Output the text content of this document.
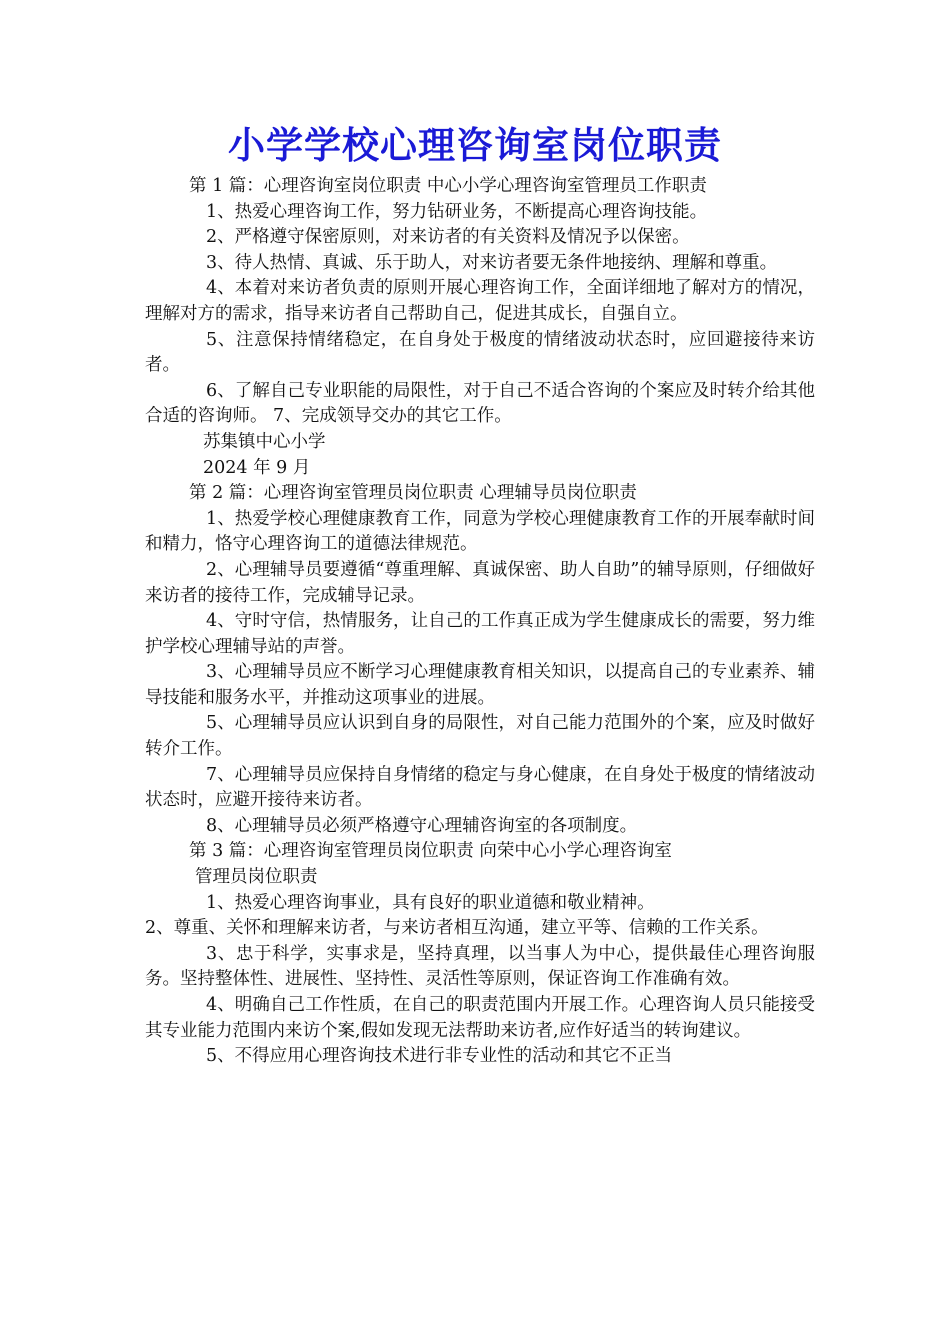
小学学校心理咨询室岗位职责

第 1 篇：心理咨询室岗位职责 中心小学心理咨询室管理员工作职责

1、热爱心理咨询工作，努力钻研业务，不断提高心理咨询技能。

2、严格遵守保密原则，对来访者的有关资料及情况予以保密。

3、待人热情、真诚、乐于助人，对来访者要无条件地接纳、理解和尊重。

4、本着对来访者负责的原则开展心理咨询工作，全面详细地了解对方的情况，理解对方的需求，指导来访者自己帮助自己，促进其成长，自强自立。

5、注意保持情绪稳定，在自身处于极度的情绪波动状态时，应回避接待来访者。

6、了解自己专业职能的局限性，对于自己不适合咨询的个案应及时转介给其他合适的咨询师。 7、完成领导交办的其它工作。

苏集镇中心小学

2024 年 9 月

第 2 篇：心理咨询室管理员岗位职责 心理辅导员岗位职责

1、热爱学校心理健康教育工作，同意为学校心理健康教育工作的开展奉献时间和精力，恪守心理咨询工的道德法律规范。

2、心理辅导员要遵循“尊重理解、真诚保密、助人自助”的辅导原则，仔细做好来访者的接待工作，完成辅导记录。

4、守时守信，热情服务，让自己的工作真正成为学生健康成长的需要，努力维护学校心理辅导站的声誉。

3、心理辅导员应不断学习心理健康教育相关知识，以提高自己的专业素养、辅导技能和服务水平，并推动这项事业的进展。

5、心理辅导员应认识到自身的局限性，对自己能力范围外的个案，应及时做好转介工作。

7、心理辅导员应保持自身情绪的稳定与身心健康，在自身处于极度的情绪波动状态时，应避开接待来访者。

8、心理辅导员必须严格遵守心理辅咨询室的各项制度。

第 3 篇：心理咨询室管理员岗位职责 向荣中心小学心理咨询室

管理员岗位职责

1、热爱心理咨询事业，具有良好的职业道德和敬业精神。

2、尊重、关怀和理解来访者，与来访者相互沟通，建立平等、信赖的工作关系。

3、忠于科学，实事求是，坚持真理，以当事人为中心，提供最佳心理咨询服务。坚持整体性、进展性、坚持性、灵活性等原则，保证咨询工作准确有效。

4、明确自己工作性质，在自己的职责范围内开展工作。心理咨询人员只能接受其专业能力范围内来访个案,假如发现无法帮助来访者,应作好适当的转询建议。

5、不得应用心理咨询技术进行非专业性的活动和其它不正当
